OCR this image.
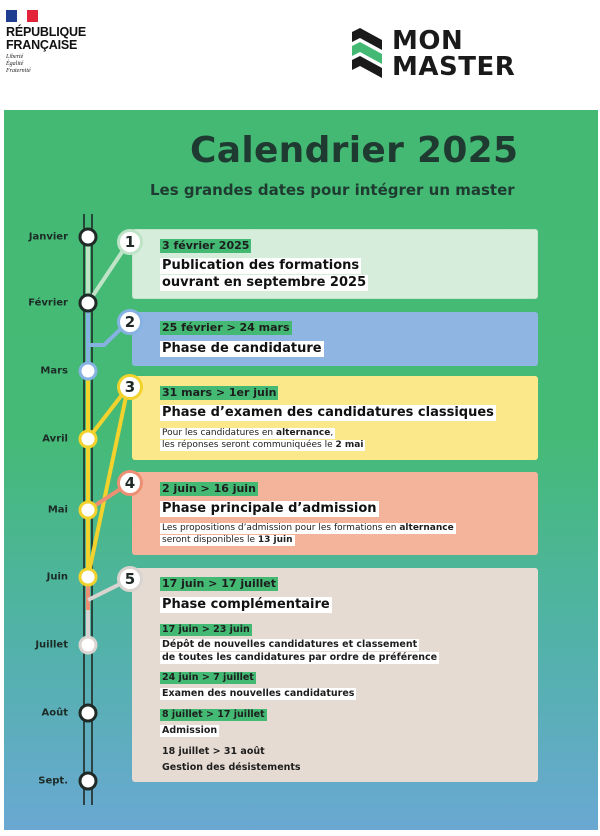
RÉPUBLIQUE
FRANÇAISE
Liberté
Égalité
Fraternité
MON
MASTER
Calendrier 2025
Les grandes dates pour intégrer un master
Janvier
Février
Mars
Avril
Mai
Juin
Juillet
Août
Sept.
1
2
3
4
5
3 février 2025
Publication des formations
ouvrant en septembre 2025
25 février > 24 mars
Phase de candidature
31 mars > 1er juin
Phase d’examen des candidatures classiques
Pour les candidatures en alternance,
les réponses seront communiquées le 2 mai
2 juin > 16 juin
Phase principale d’admission
Les propositions d’admission pour les formations en alternance
seront disponibles le 13 juin
17 juin > 17 juillet
Phase complémentaire
17 juin > 23 juin
Dépôt de nouvelles candidatures et classement
de toutes les candidatures par ordre de préférence
24 juin > 7 juillet
Examen des nouvelles candidatures
8 juillet > 17 juillet
Admission
18 juillet > 31 août
Gestion des désistements
